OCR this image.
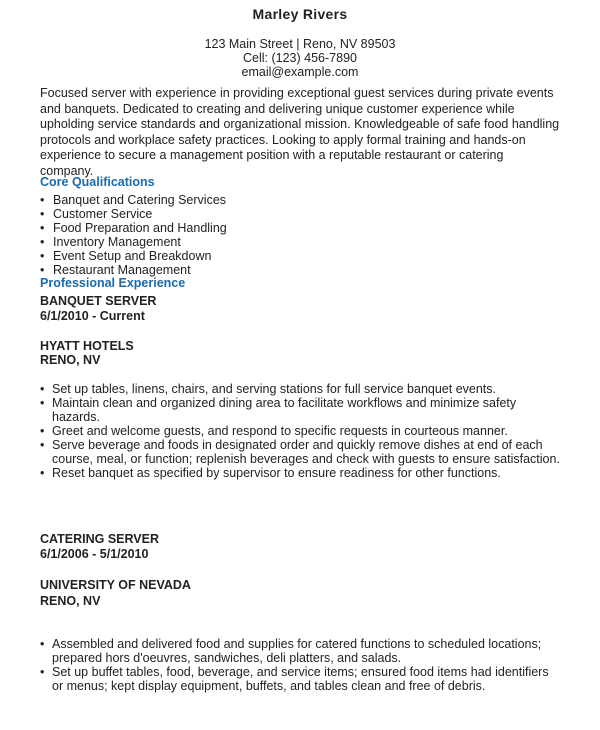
Marley Rivers
123 Main Street | Reno, NV 89503
Cell: (123) 456-7890
email@example.com
Focused server with experience in providing exceptional guest services during private events and banquets. Dedicated to creating and delivering unique customer experience while upholding service standards and organizational mission. Knowledgeable of safe food handling protocols and workplace safety practices. Looking to apply formal training and hands-on experience to secure a management position with a reputable restaurant or catering company.
Core Qualifications
• Banquet and Catering Services
• Customer Service
• Food Preparation and Handling
• Inventory Management
• Event Setup and Breakdown
• Restaurant Management
Professional Experience
BANQUET SERVER
6/1/2010 - Current
HYATT HOTELS
RENO, NV
• Set up tables, linens, chairs, and serving stations for full service banquet events.
• Maintain clean and organized dining area to facilitate workflows and minimize safety hazards.
• Greet and welcome guests, and respond to specific requests in courteous manner.
• Serve beverage and foods in designated order and quickly remove dishes at end of each course, meal, or function; replenish beverages and check with guests to ensure satisfaction.
• Reset banquet as specified by supervisor to ensure readiness for other functions.
CATERING SERVER
6/1/2006 - 5/1/2010
UNIVERSITY OF NEVADA
RENO, NV
• Assembled and delivered food and supplies for catered functions to scheduled locations; prepared hors d'oeuvres, sandwiches, deli platters, and salads.
• Set up buffet tables, food, beverage, and service items; ensured food items had identifiers or menus; kept display equipment, buffets, and tables clean and free of debris.
